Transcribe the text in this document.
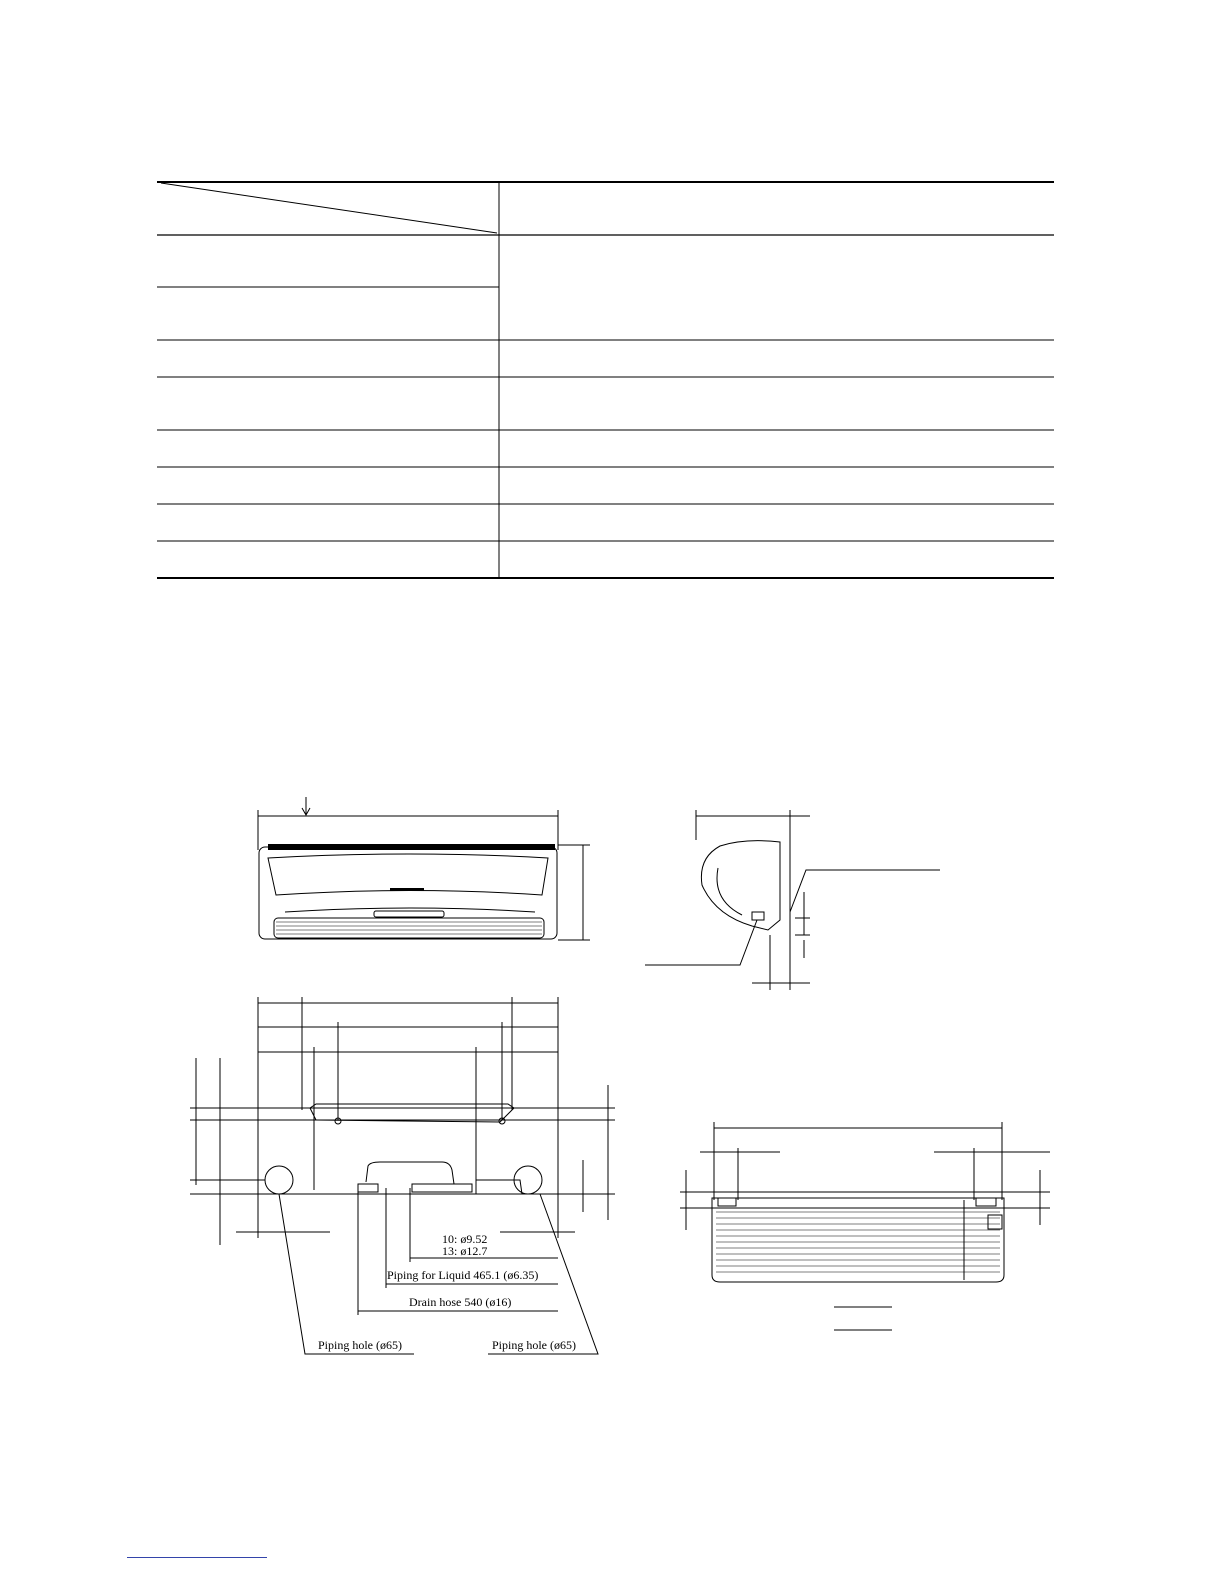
10: ø9.52
13: ø12.7
Piping for Liquid 465.1 (ø6.35)
Drain hose 540 (ø16)
Piping hole (ø65)	Piping hole (ø65)
